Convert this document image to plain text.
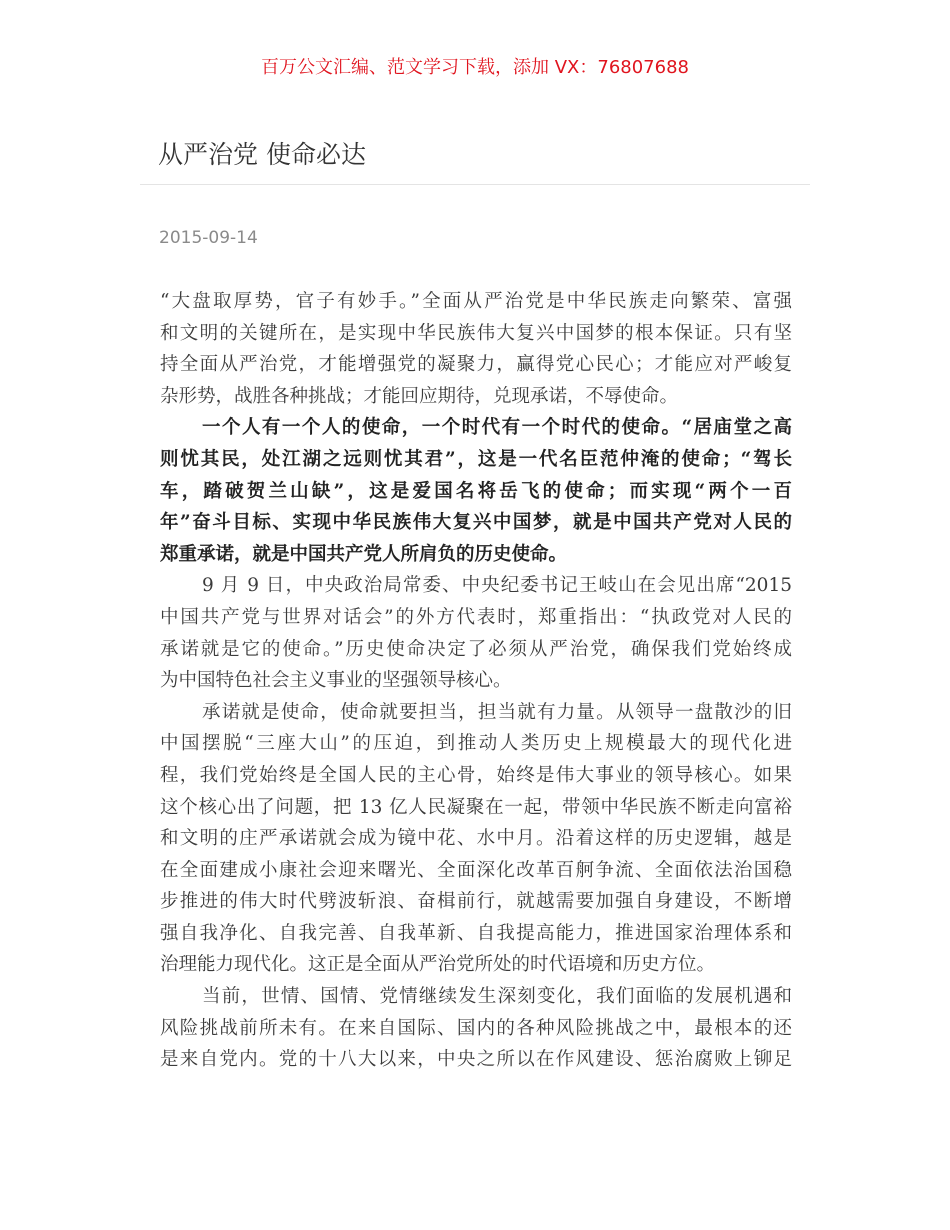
百万公文汇编、范文学习下载，添加 VX：76807688
从严治党 使命必达
2015-09-14
“大盘取厚势，官子有妙手。”全面从严治党是中华民族走向繁荣、富强
和文明的关键所在，是实现中华民族伟大复兴中国梦的根本保证。只有坚
持全面从严治党，才能增强党的凝聚力，赢得党心民心；才能应对严峻复
杂形势，战胜各种挑战；才能回应期待，兑现承诺，不辱使命。
一个人有一个人的使命，一个时代有一个时代的使命。“居庙堂之高
则忧其民，处江湖之远则忧其君”，这是一代名臣范仲淹的使命；“驾长
车，踏破贺兰山缺”，这是爱国名将岳飞的使命；而实现“两个一百
年”奋斗目标、实现中华民族伟大复兴中国梦，就是中国共产党对人民的
郑重承诺，就是中国共产党人所肩负的历史使命。
9 月 9 日，中央政治局常委、中央纪委书记王岐山在会见出席“2015
中国共产党与世界对话会”的外方代表时，郑重指出：“执政党对人民的
承诺就是它的使命。”历史使命决定了必须从严治党，确保我们党始终成
为中国特色社会主义事业的坚强领导核心。
承诺就是使命，使命就要担当，担当就有力量。从领导一盘散沙的旧
中国摆脱“三座大山”的压迫，到推动人类历史上规模最大的现代化进
程，我们党始终是全国人民的主心骨，始终是伟大事业的领导核心。如果
这个核心出了问题，把 13 亿人民凝聚在一起，带领中华民族不断走向富裕
和文明的庄严承诺就会成为镜中花、水中月。沿着这样的历史逻辑，越是
在全面建成小康社会迎来曙光、全面深化改革百舸争流、全面依法治国稳
步推进的伟大时代劈波斩浪、奋楫前行，就越需要加强自身建设，不断增
强自我净化、自我完善、自我革新、自我提高能力，推进国家治理体系和
治理能力现代化。这正是全面从严治党所处的时代语境和历史方位。
当前，世情、国情、党情继续发生深刻变化，我们面临的发展机遇和
风险挑战前所未有。在来自国际、国内的各种风险挑战之中，最根本的还
是来自党内。党的十八大以来，中央之所以在作风建设、惩治腐败上铆足
